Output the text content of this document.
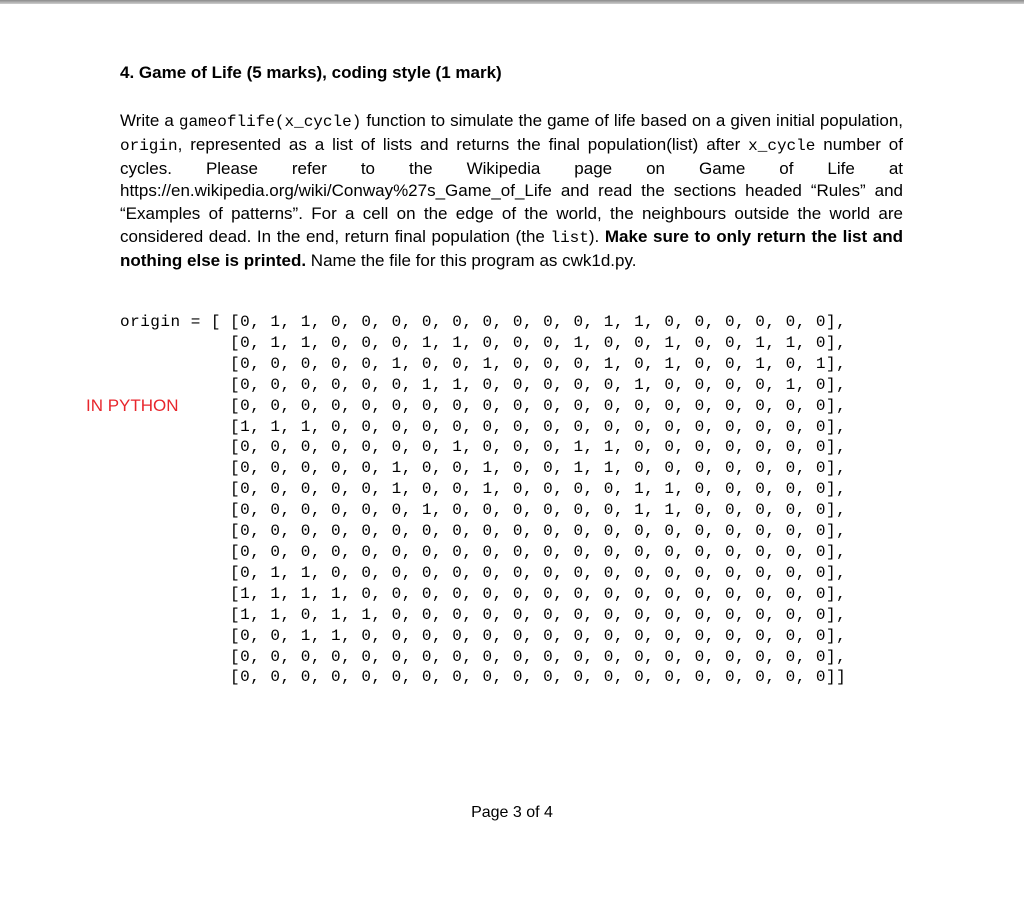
4. Game of Life (5 marks), coding style (1 mark)
Write a gameoflife(x_cycle) function to simulate the game of life based on a given initial population, origin, represented as a list of lists and returns the final population(list) after x_cycle number of cycles. Please refer to the Wikipedia page on Game of Life at https://en.wikipedia.org/wiki/Conway%27s_Game_of_Life and read the sections headed “Rules” and “Examples of patterns”. For a cell on the edge of the world, the neighbours outside the world are considered dead. In the end, return final population (the list). Make sure to only return the list and nothing else is printed. Name the file for this program as cwk1d.py.
IN PYTHON
origin = [ [0, 1, 1, 0, 0, 0, 0, 0, 0, 0, 0, 0, 1, 1, 0, 0, 0, 0, 0, 0],
[0, 1, 1, 0, 0, 0, 1, 1, 0, 0, 0, 1, 0, 0, 1, 0, 0, 1, 1, 0],
[0, 0, 0, 0, 0, 1, 0, 0, 1, 0, 0, 0, 1, 0, 1, 0, 0, 1, 0, 1],
[0, 0, 0, 0, 0, 0, 1, 1, 0, 0, 0, 0, 0, 1, 0, 0, 0, 0, 1, 0],
[0, 0, 0, 0, 0, 0, 0, 0, 0, 0, 0, 0, 0, 0, 0, 0, 0, 0, 0, 0],
[1, 1, 1, 0, 0, 0, 0, 0, 0, 0, 0, 0, 0, 0, 0, 0, 0, 0, 0, 0],
[0, 0, 0, 0, 0, 0, 0, 1, 0, 0, 0, 1, 1, 0, 0, 0, 0, 0, 0, 0],
[0, 0, 0, 0, 0, 1, 0, 0, 1, 0, 0, 1, 1, 0, 0, 0, 0, 0, 0, 0],
[0, 0, 0, 0, 0, 1, 0, 0, 1, 0, 0, 0, 0, 1, 1, 0, 0, 0, 0, 0],
[0, 0, 0, 0, 0, 0, 1, 0, 0, 0, 0, 0, 0, 1, 1, 0, 0, 0, 0, 0],
[0, 0, 0, 0, 0, 0, 0, 0, 0, 0, 0, 0, 0, 0, 0, 0, 0, 0, 0, 0],
[0, 0, 0, 0, 0, 0, 0, 0, 0, 0, 0, 0, 0, 0, 0, 0, 0, 0, 0, 0],
[0, 1, 1, 0, 0, 0, 0, 0, 0, 0, 0, 0, 0, 0, 0, 0, 0, 0, 0, 0],
[1, 1, 1, 1, 0, 0, 0, 0, 0, 0, 0, 0, 0, 0, 0, 0, 0, 0, 0, 0],
[1, 1, 0, 1, 1, 0, 0, 0, 0, 0, 0, 0, 0, 0, 0, 0, 0, 0, 0, 0],
[0, 0, 1, 1, 0, 0, 0, 0, 0, 0, 0, 0, 0, 0, 0, 0, 0, 0, 0, 0],
[0, 0, 0, 0, 0, 0, 0, 0, 0, 0, 0, 0, 0, 0, 0, 0, 0, 0, 0, 0],
[0, 0, 0, 0, 0, 0, 0, 0, 0, 0, 0, 0, 0, 0, 0, 0, 0, 0, 0, 0]]
Page 3 of 4
